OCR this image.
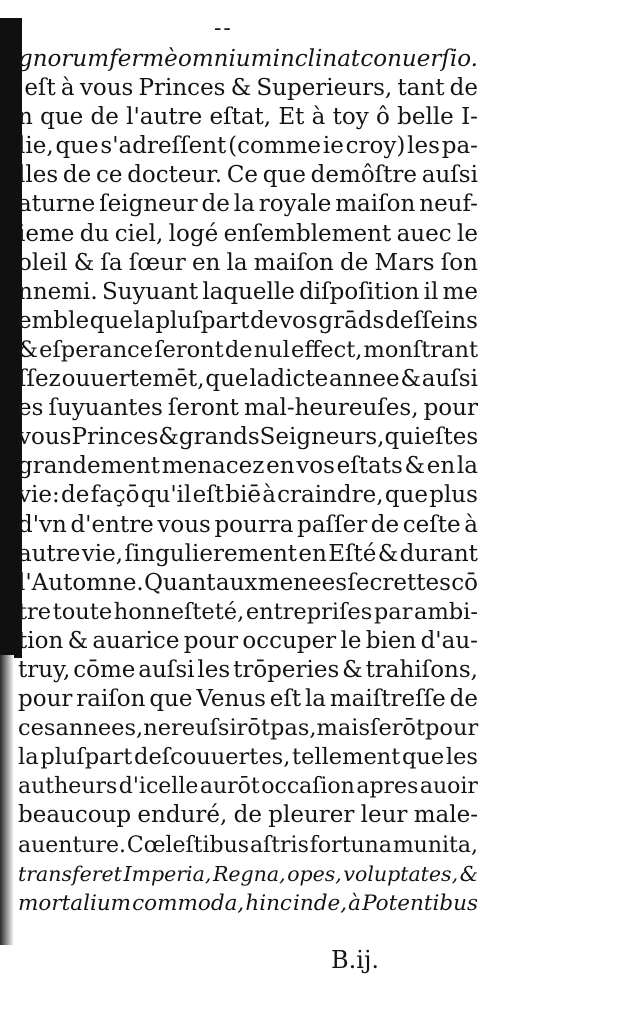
--
gnorum fermè omnium inclinat conuerſio.
'eſt à vous Princes & Superieurs, tant de
n que de l'autre eſtat, Et à toy ô belle I-
lie, que s'adreſſent (comme ie croy) les pa-
lles de ce docteur. Ce que demôſtre auſsi
aturne ſeigneur de la royale maiſon neuf-
ieme du ciel, logé enſemblement auec le
oleil & ſa ſœur en la maiſon de Mars ſon
nnemi. Suyuant laquelle diſpoſition il me
emble que la pluſpart de vos grāds deſſeins
& eſperance ſeront de nul effect, monſtrant
ſſez ouuertemēt, que ladicte annee & auſsi
es ſuyuantes ſeront mal-heureuſes, pour
vous Princes & grands Seigneurs, qui eſtes
grandement menacez en vos eſtats & en la
vie: de façō qu'il eſt biē à craindre, que plus
d'vn d'entre vous pourra paſſer de ceſte à
autre vie, ſingulierement en Eſté & durant
l'Automne. Quant aux menees ſecrettes cō
tre toute honneſteté, entrepriſes par ambi-
tion & auarice pour occuper le bien d'au-
truy, cōme auſsi les trōperies & trahiſons,
pour raiſon que Venus eſt la maiſtreſſe de
ces annees, ne reuſsirōt pas, mais ſerōt pour
la pluſpart deſcouuertes, tellement que les
autheurs d'icelle aurōt occaſion apres auoir
beaucoup enduré, de pleurer leur male-
auenture. Cœleſtibus aſtris fortuna munita,
transferet Imperia, Regna, opes, voluptates, &
mortalium commoda, hinc inde, à Potentibus
B.ij.
